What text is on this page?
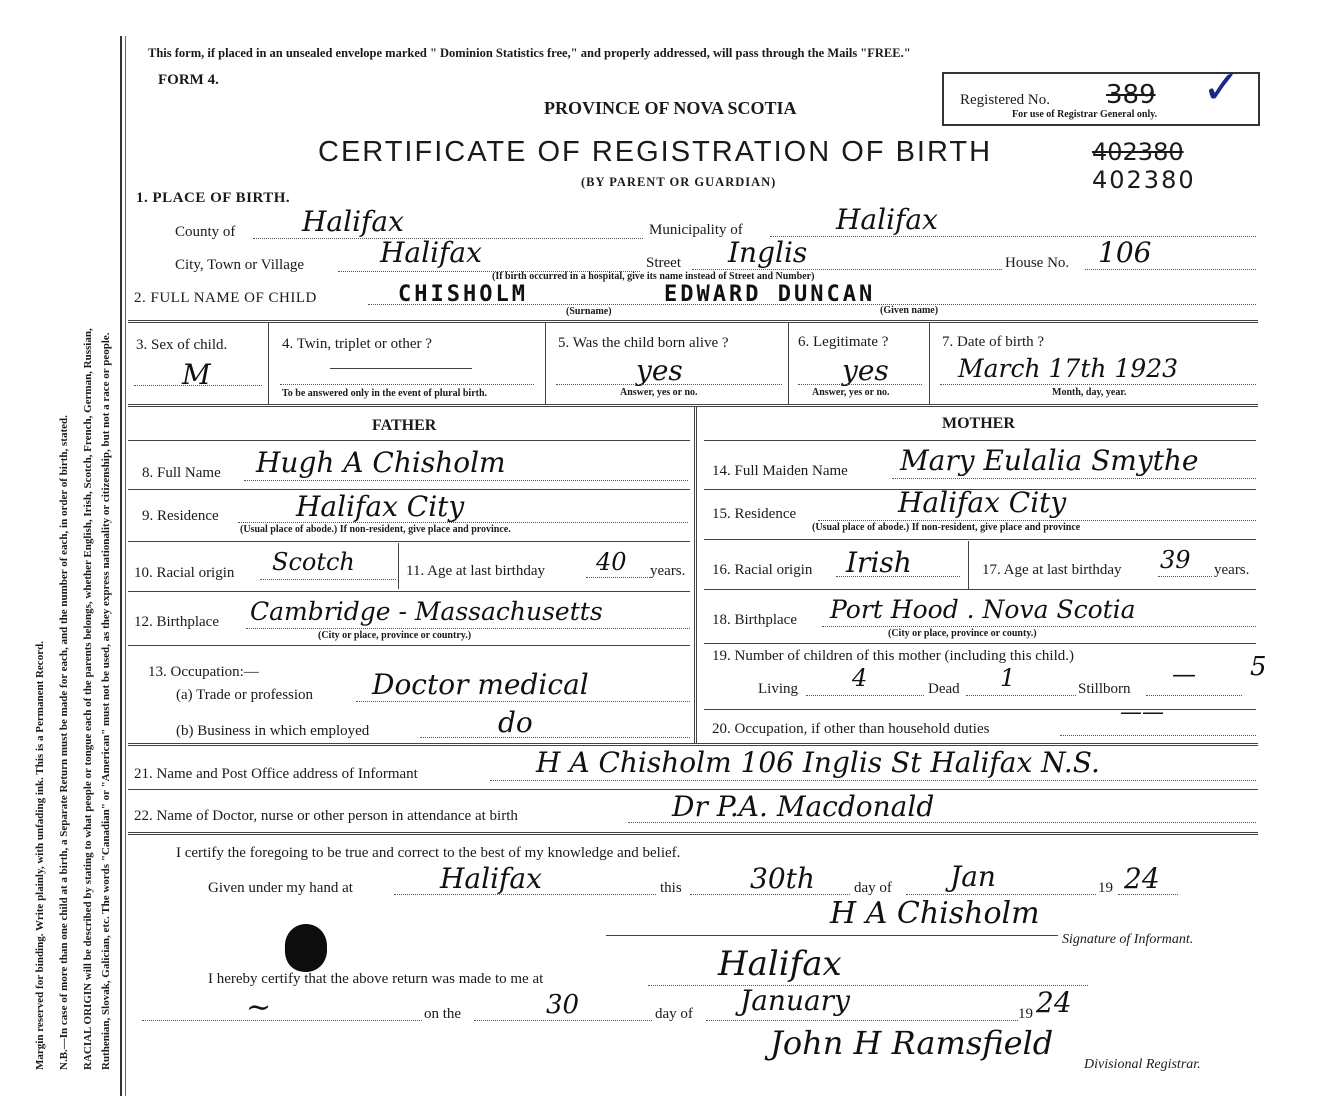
Margin reserved for binding. Write plainly, with unfading ink. This is a Permanent Record. N.B.—In case of more than one child at a birth, a Separate Return must be made for each, and the number of each, in order of birth, stated. RACIAL ORIGIN will be described by stating to what people or tongue each of the parents belongs, whether English, Irish, Scotch, French, German, Russian, Ruthenian, Slovak, Galician, etc. The words "Canadian" or "American" must not be used, as they express nationality or citizenship, but not a race or people.
This form, if placed in an unsealed envelope marked " Dominion Statistics free," and properly addressed, will pass through the Mails "FREE."
FORM 4.
PROVINCE OF NOVA SCOTIA	Registered No. 389
For use of Registrar General only.
✓
CERTIFICATE OF REGISTRATION OF BIRTH
(BY PARENT OR GUARDIAN)
402380
402380
1. PLACE OF BIRTH.
County of Halifax	Municipality of	Halifax
City, Town or Village	Halifax	Street Inglis	House No. 106
(If birth occurred in a hospital, give its name instead of Street and Number)
2. FULL NAME OF CHILD	CHISHOLM	EDWARD DUNCAN
(Surname)	(Given name)
3. Sex of child.
M
4. Twin, triplet or other ?
To be answered only in the event of plural birth.
5. Was the child born alive ?
yes
Answer, yes or no.
6. Legitimate ?
yes
Answer, yes or no.
7. Date of birth ?
March 17th 1923
Month, day, year.
FATHER	MOTHER
8. Full Name Hugh A Chisholm
9. Residence	Halifax City
(Usual place of abode.) If non-resident, give place and province.
10. Racial origin Scotch	11. Age at last birthday 40 years.
12. Birthplace Cambridge - Massachusetts
(City or place, province or country.)
13. Occupation:—
(a) Trade or profession Doctor medical
(b) Business in which employed	do
14. Full Maiden Name Mary Eulalia Smythe
15. Residence	Halifax City
(Usual place of abode.) If non-resident, give place and province
16. Racial origin Irish	17. Age at last birthday 39 years.
18. Birthplace Port Hood . Nova Scotia
(City or place, province or county.)
19. Number of children of this mother (including this child.)
Living 4	Dead 1	Stillborn
— 5
20. Occupation, if other than household duties
——
21. Name and Post Office address of Informant	H A Chisholm 106 Inglis St Halifax N.S.
22. Name of Doctor, nurse or other person in attendance at birth	Dr P.A. Macdonald
I certify the foregoing to be true and correct to the best of my knowledge and belief.
Given under my hand at	Halifax	this 30th	day of Jan	19 24
H A Chisholm
Signature of Informant.
I hereby certify that the above return was made to me at	Halifax
∼	on the	30	day of January	19 24
John H Ramsfield
Divisional Registrar.
